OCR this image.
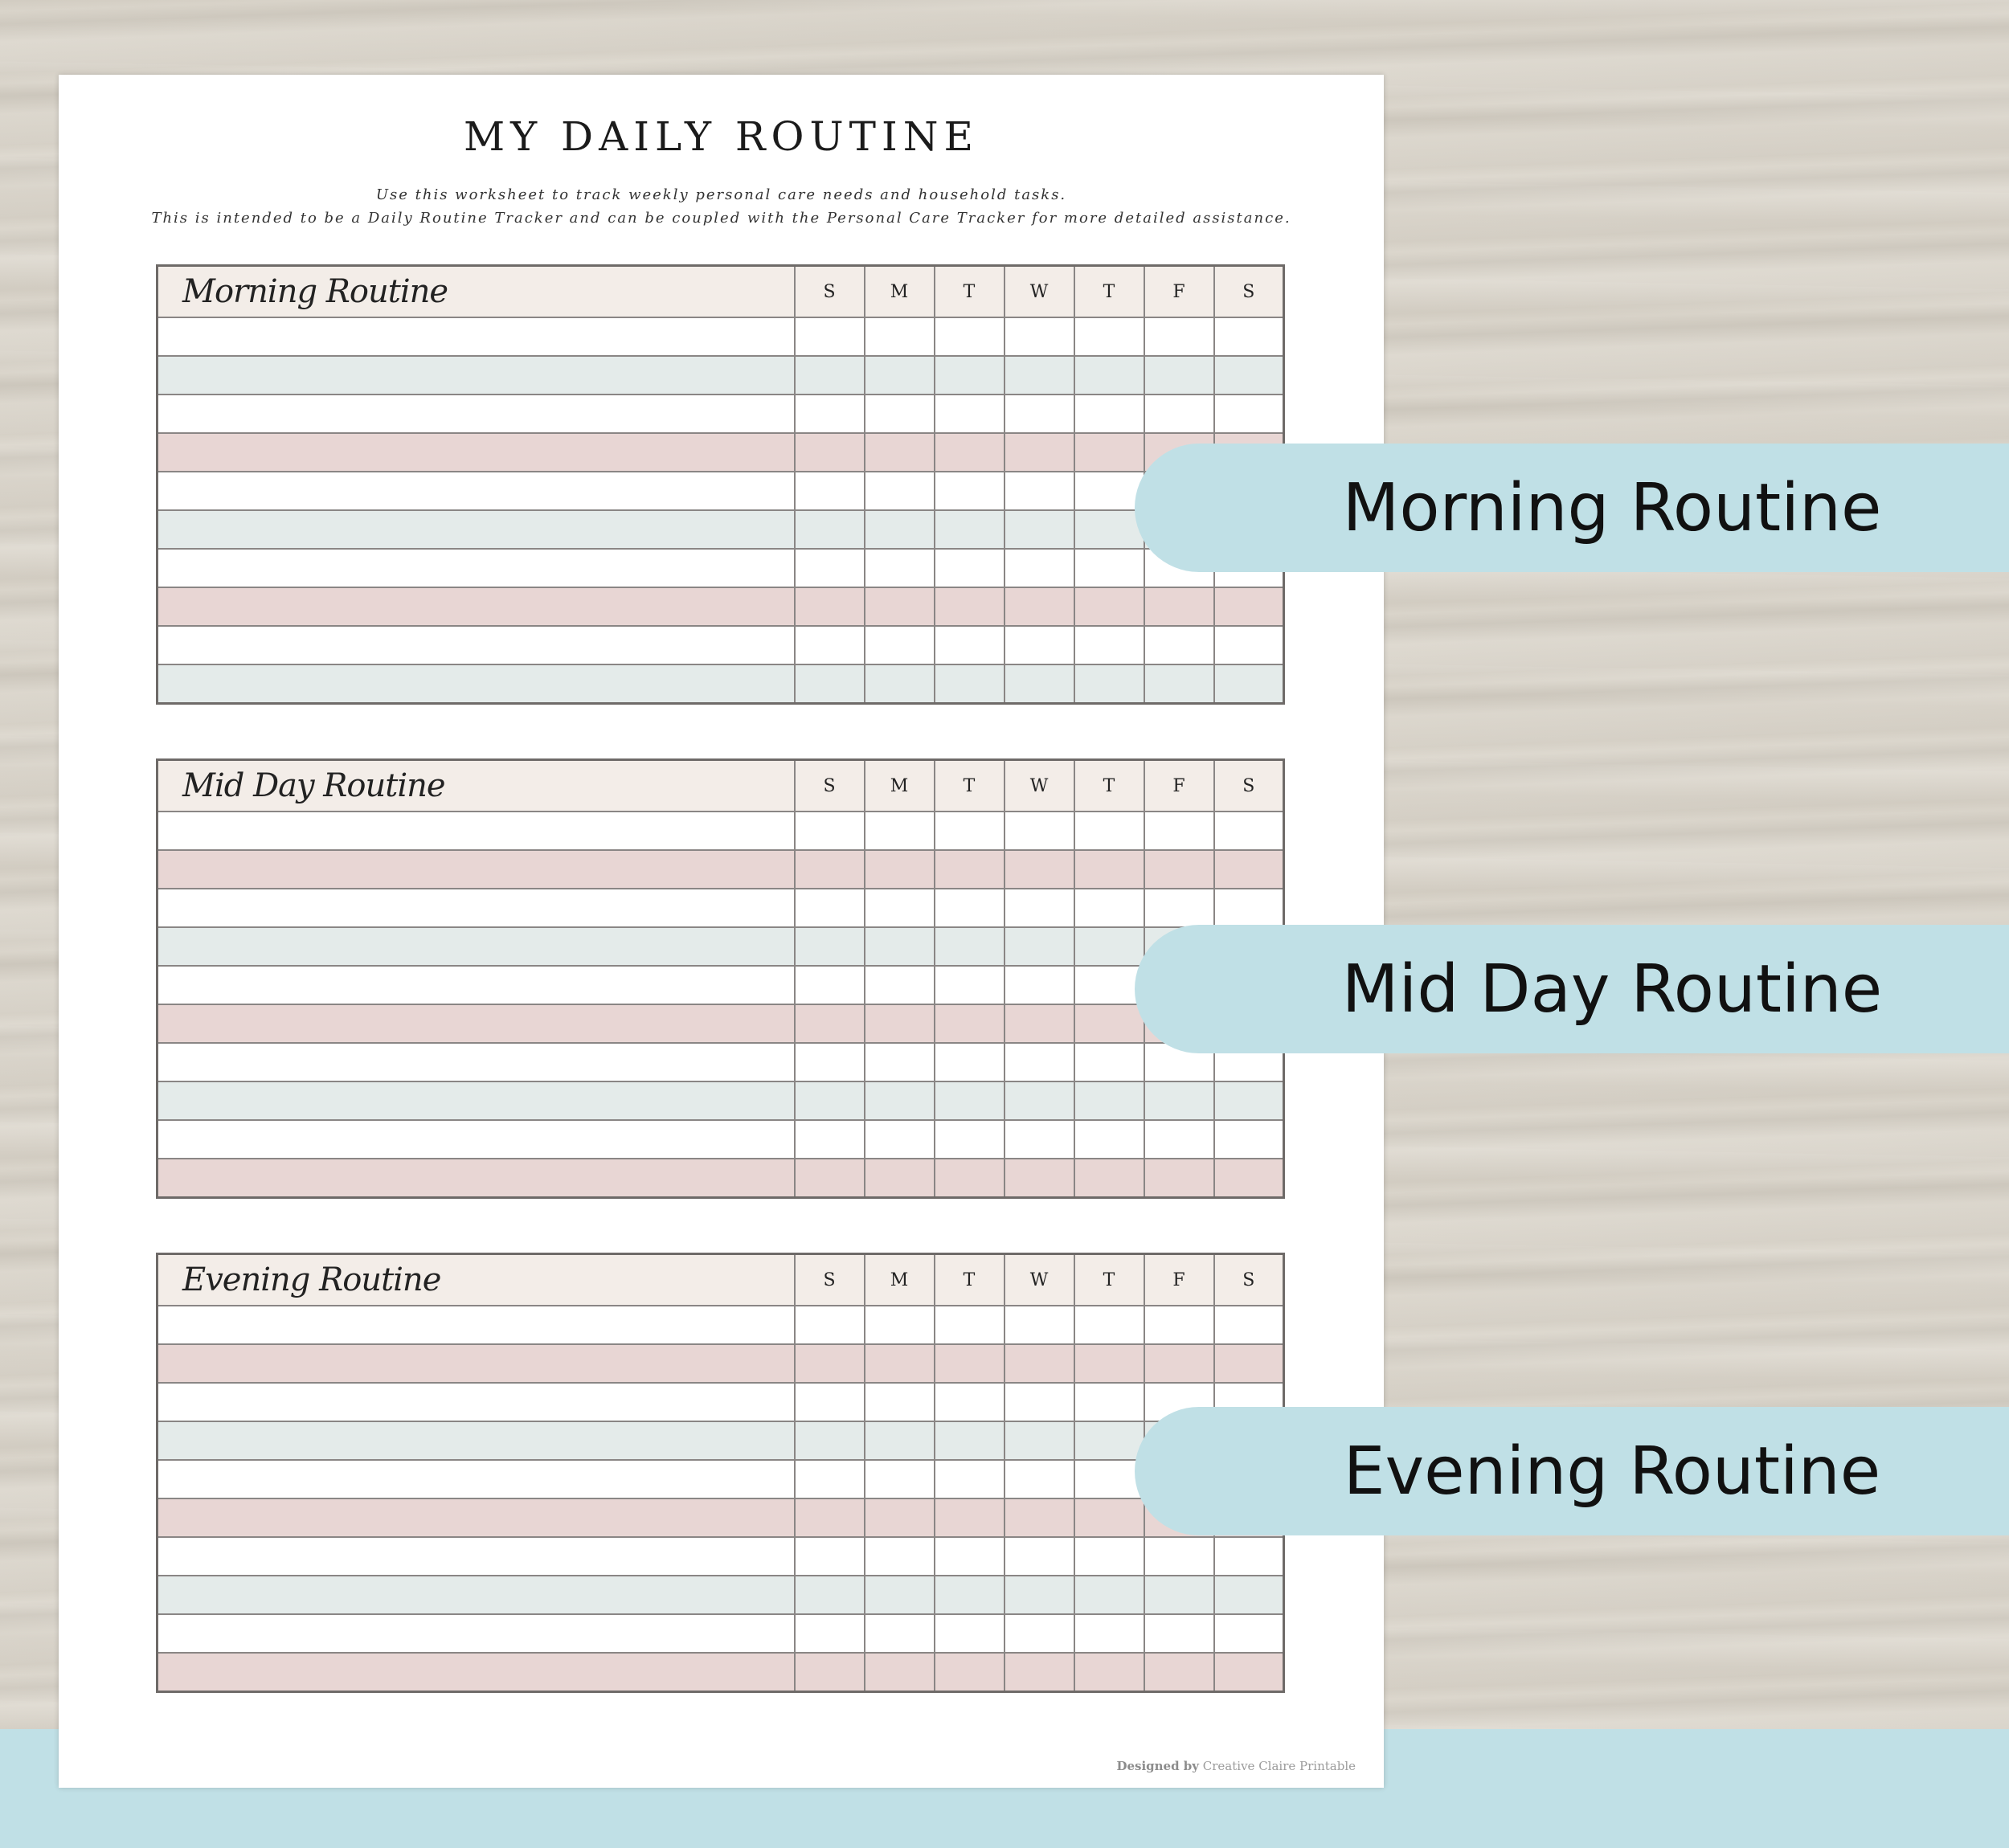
MY DAILY ROUTINE
Use this worksheet to track weekly personal care needs and household tasks.
This is intended to be a Daily Routine Tracker and can be coupled with the Personal Care Tracker for more detailed assistance.
Morning Routine	S	M	T	W	T	F	S

Mid Day Routine	S	M	T	W	T	F	S

Evening Routine	S	M	T	W	T	F	S

Designed by Creative Claire Printable
Morning Routine
Mid Day Routine
Evening Routine
